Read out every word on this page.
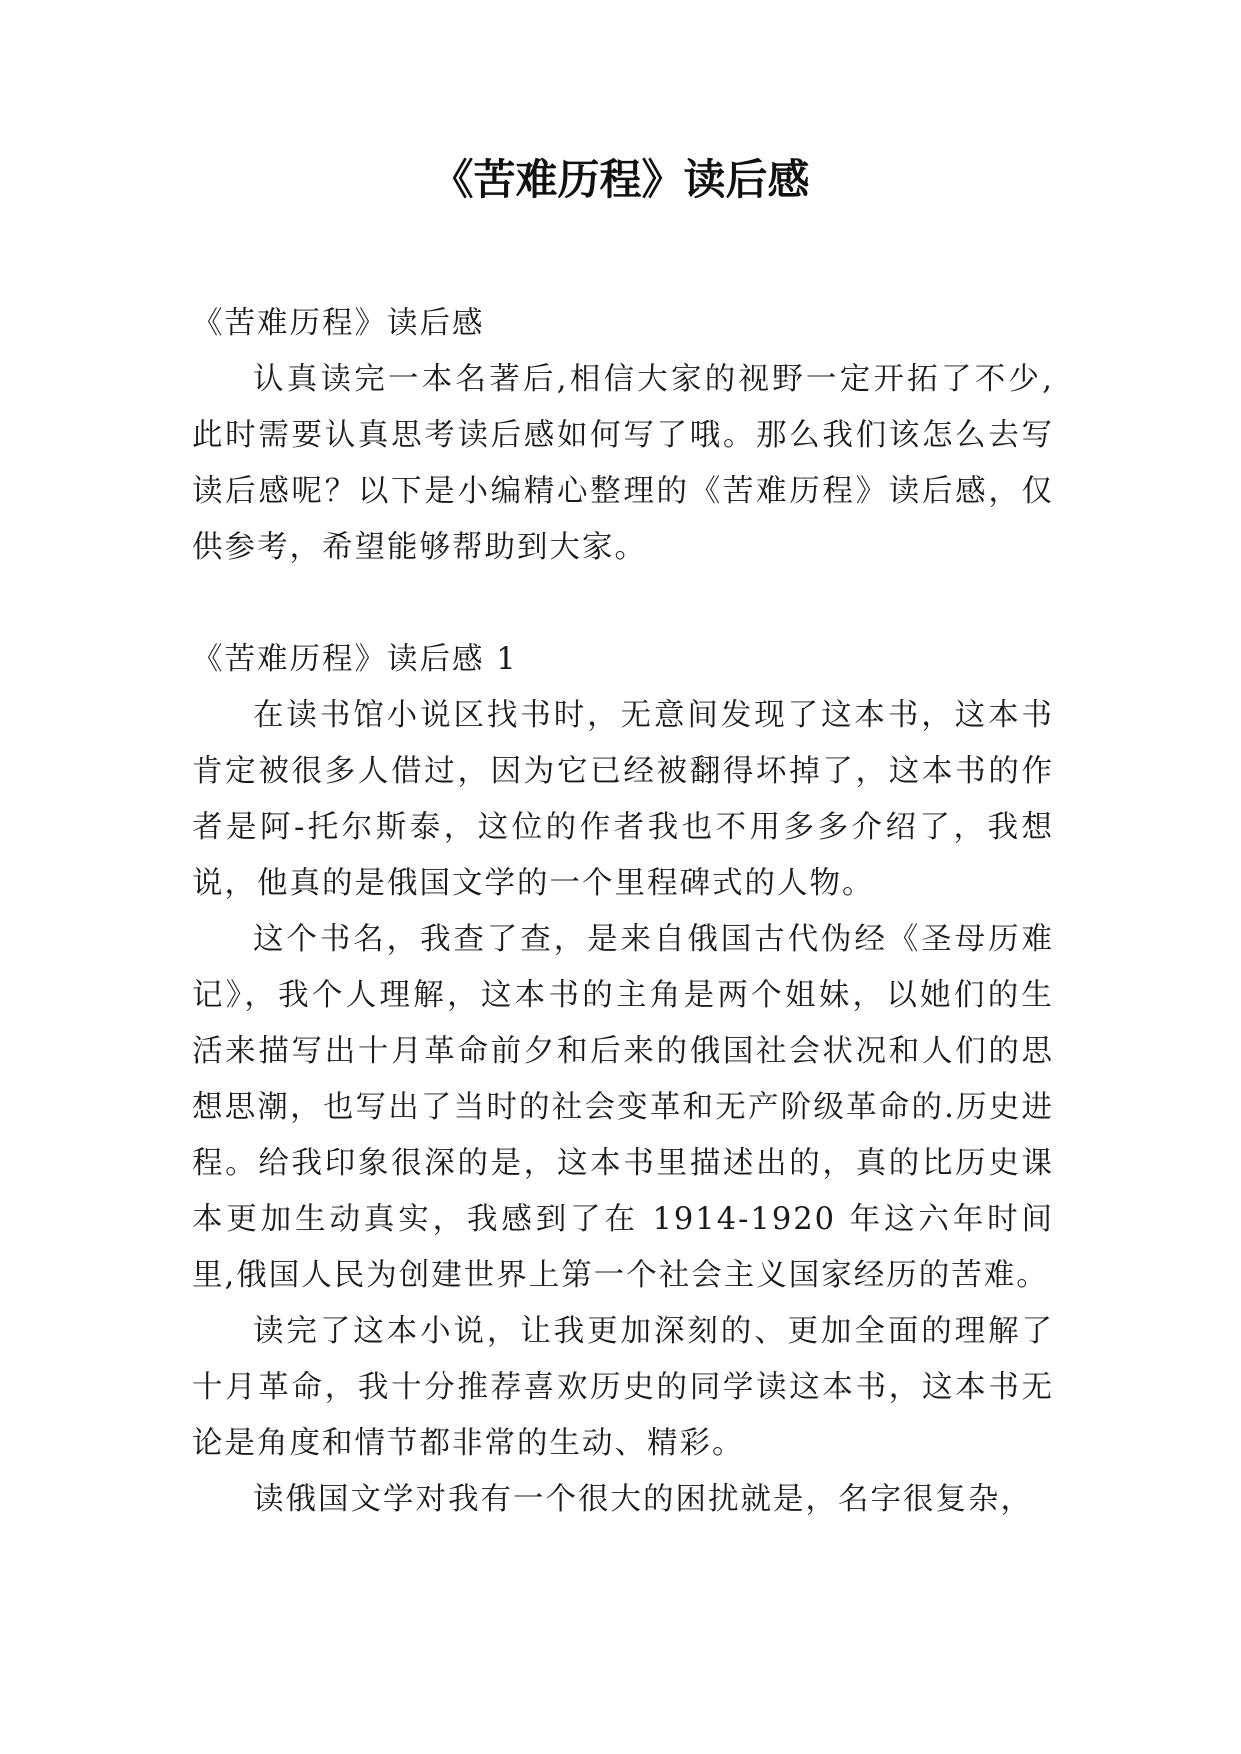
《苦难历程》读后感

《苦难历程》读后感

认真读完一本名著后,相信大家的视野一定开拓了不少,此时需要认真思考读后感如何写了哦。那么我们该怎么去写读后感呢？以下是小编精心整理的《苦难历程》读后感，仅供参考，希望能够帮助到大家。

《苦难历程》读后感 1

在读书馆小说区找书时，无意间发现了这本书，这本书肯定被很多人借过，因为它已经被翻得坏掉了，这本书的作者是阿-托尔斯泰，这位的作者我也不用多多介绍了，我想说，他真的是俄国文学的一个里程碑式的人物。

这个书名，我查了查，是来自俄国古代伪经《圣母历难记》，我个人理解，这本书的主角是两个姐妹，以她们的生活来描写出十月革命前夕和后来的俄国社会状况和人们的思想思潮，也写出了当时的社会变革和无产阶级革命的.历史进程。给我印象很深的是，这本书里描述出的，真的比历史课本更加生动真实，我感到了在 1914-1920 年这六年时间里,俄国人民为创建世界上第一个社会主义国家经历的苦难。

读完了这本小说，让我更加深刻的、更加全面的理解了十月革命，我十分推荐喜欢历史的同学读这本书，这本书无论是角度和情节都非常的生动、精彩。

读俄国文学对我有一个很大的困扰就是，名字很复杂，
